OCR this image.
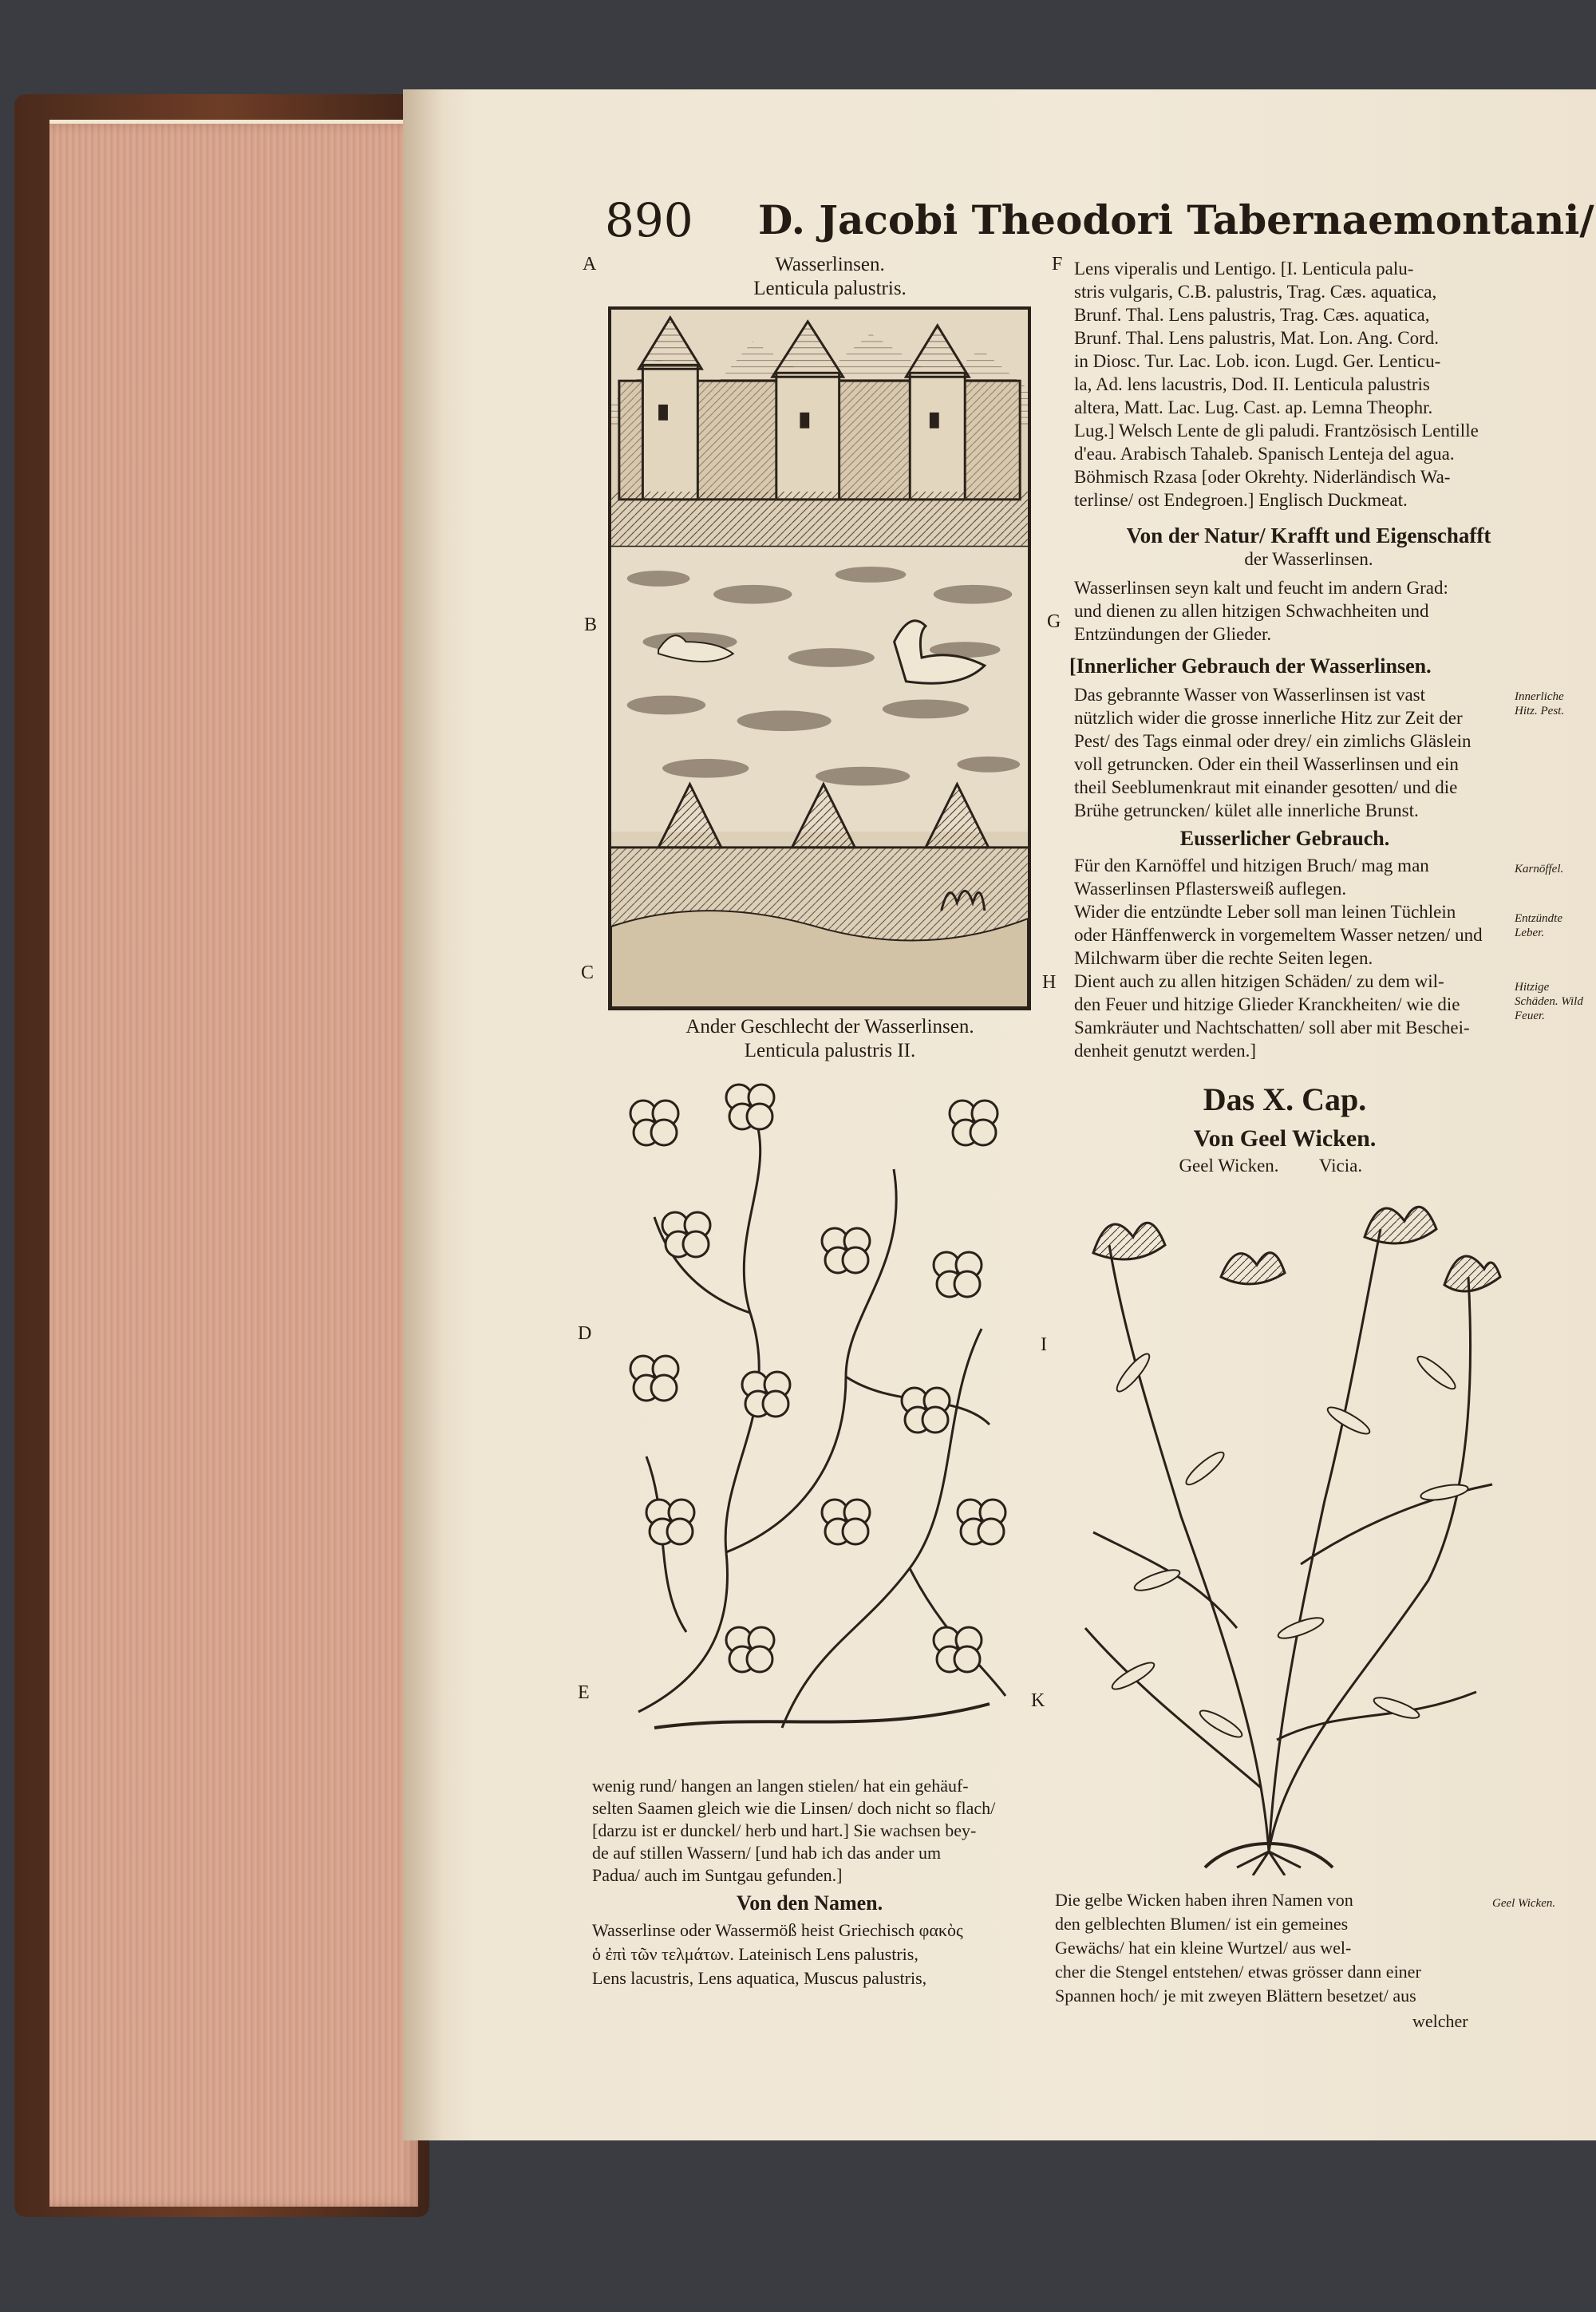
890 D. Jacobi Theodori Tabernaemontani/
A
B
C
D
E
F
G
H
I
K
Wasserlinsen.
Lenticula palustris.
Ander Geschlecht der Wasserlinsen.
Lenticula palustris II.

Lens viperalis und Lentigo. [I. Lenticula palu-

stris vulgaris, C.B. palustris, Trag. Cæs. aquatica,

Brunf. Thal. Lens palustris, Trag. Cæs. aquatica,

Brunf. Thal. Lens palustris, Mat. Lon. Ang. Cord.

in Diosc. Tur. Lac. Lob. icon. Lugd. Ger. Lenticu-

la, Ad. lens lacustris, Dod. II. Lenticula palustris

altera, Matt. Lac. Lug. Cast. ap. Lemna Theophr.

Lug.] Welsch Lente de gli paludi. Frantzösisch Lentille

d'eau. Arabisch Tahaleb. Spanisch Lenteja del agua.

Böhmisch Rzasa [oder Okrehty. Niderländisch Wa-

terlinse/ ost Endegroen.] Englisch Duckmeat.

Von der Natur/ Krafft und Eigenschafft
der Wasserlinsen.

Wasserlinsen seyn kalt und feucht im andern Grad:

und dienen zu allen hitzigen Schwachheiten und

Entzündungen der Glieder.

[Innerlicher Gebrauch der Wasserlinsen.

Das gebrannte Wasser von Wasserlinsen ist vast

nützlich wider die grosse innerliche Hitz zur Zeit der

Pest/ des Tags einmal oder drey/ ein zimlichs Gläslein

voll getruncken. Oder ein theil Wasserlinsen und ein

theil Seeblumenkraut mit einander gesotten/ und die

Brühe getruncken/ kület alle innerliche Brunst.

Eusserlicher Gebrauch.

Für den Karnöffel und hitzigen Bruch/ mag man

Wasserlinsen Pflastersweiß auflegen.

Wider die entzündte Leber soll man leinen Tüchlein

oder Hänffenwerck in vorgemeltem Wasser netzen/ und

Milchwarm über die rechte Seiten legen.

Dient auch zu allen hitzigen Schäden/ zu dem wil-

den Feuer und hitzige Glieder Kranckheiten/ wie die

Samkräuter und Nachtschatten/ soll aber mit Beschei-

denheit genutzt werden.]

Innerliche Hitz. Pest.
Karnöffel.
Entzündte Leber.
Hitzige Schäden. Wild Feuer.
Geel Wicken.
Das X. Cap.
Von Geel Wicken.
Geel Wicken.	Vicia.

wenig rund/ hangen an langen stielen/ hat ein gehäuf-

selten Saamen gleich wie die Linsen/ doch nicht so flach/

[darzu ist er dunckel/ herb und hart.] Sie wachsen bey-

de auf stillen Wassern/ [und hab ich das ander um

Padua/ auch im Suntgau gefunden.]

Von den Namen.

Wasserlinse oder Wassermöß heist Griechisch φακὸς

ὁ ἐπὶ τῶν τελμάτων. Lateinisch Lens palustris,

Lens lacustris, Lens aquatica, Muscus palustris,

Die gelbe Wicken haben ihren Namen von

den gelblechten Blumen/ ist ein gemeines

Gewächs/ hat ein kleine Wurtzel/ aus wel-

cher die Stengel entstehen/ etwas grösser dann einer

Spannen hoch/ je mit zweyen Blättern besetzet/ aus

welcher
